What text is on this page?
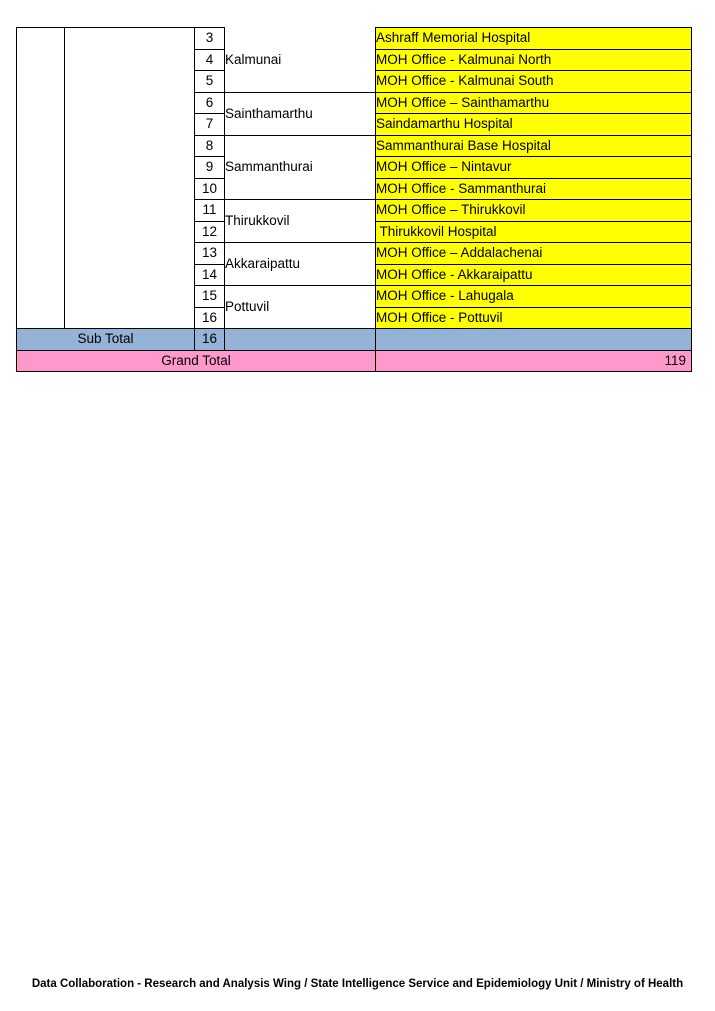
		3	Kalmunai	Ashraff Memorial Hospital
		4		MOH Office - Kalmunai North
		5		MOH Office - Kalmunai South
		6	Sainthamarthu	MOH Office – Sainthamarthu
		7		Saindamarthu Hospital
		8	Sammanthurai	Sammanthurai Base Hospital
		9		MOH Office – Nintavur
		10		MOH Office - Sammanthurai
		11	Thirukkovil	MOH Office – Thirukkovil
		12		Thirukkovil Hospital
		13	Akkaraipattu	MOH Office – Addalachenai
		14		MOH Office - Akkaraipattu
		15	Pottuvil	MOH Office - Lahugala
		16		MOH Office - Pottuvil
Sub Total		16		
Grand Total				119
Data Collaboration - Research and Analysis Wing / State Intelligence Service and Epidemiology Unit / Ministry of Health
